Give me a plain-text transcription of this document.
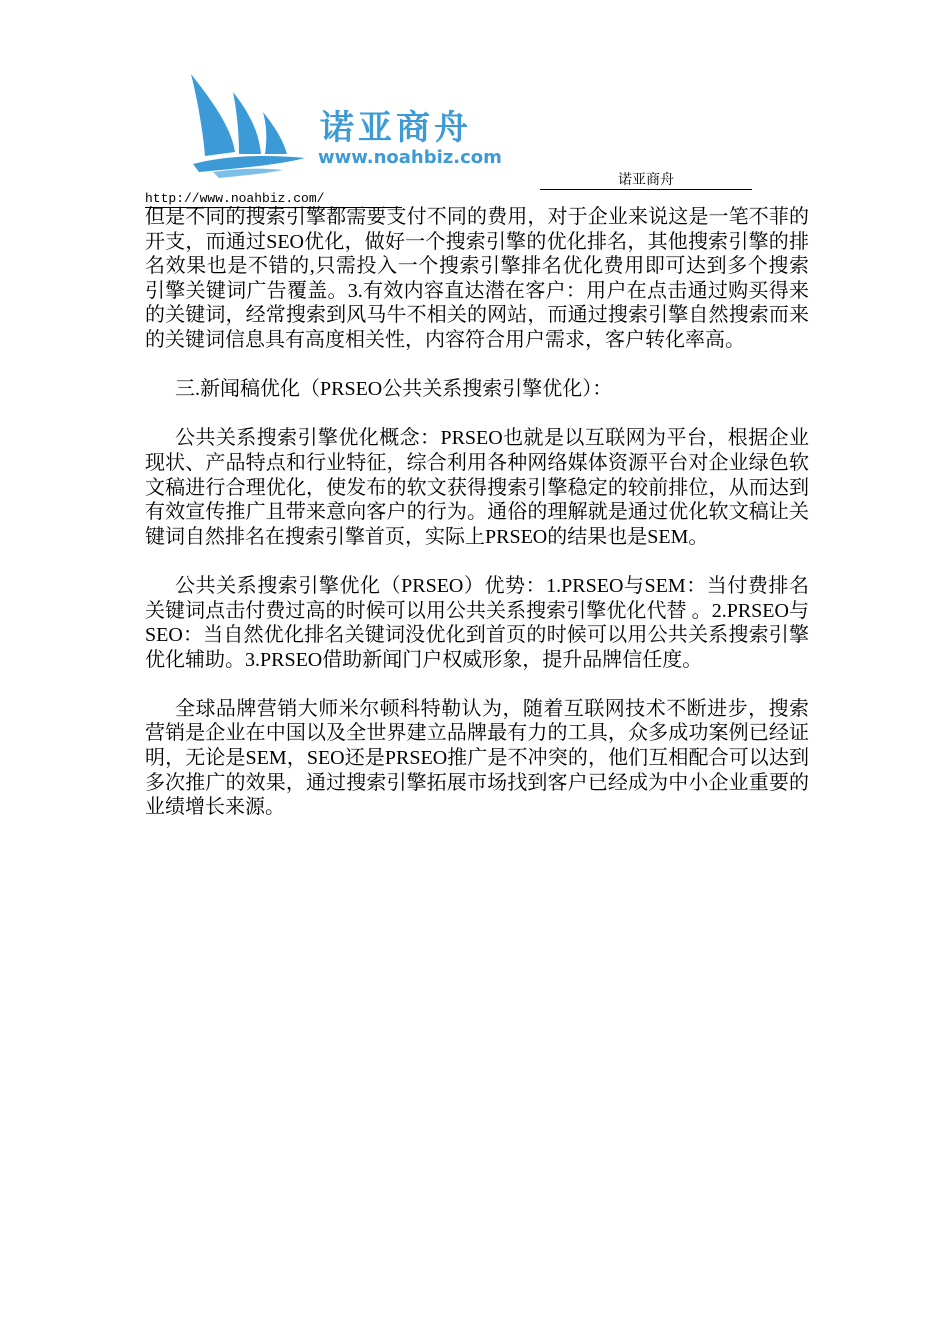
诺亚商舟
www.noahbiz.com
诺亚商舟
http://www.noahbiz.com/

但是不同的搜索引擎都需要支付不同的费用，对于企业来说这是一笔不菲的开支，而通过SEO优化，做好一个搜索引擎的优化排名，其他搜索引擎的排名效果也是不错的,只需投入一个搜索引擎排名优化费用即可达到多个搜索引擎关键词广告覆盖。3.有效内容直达潜在客户：用户在点击通过购买得来的关键词，经常搜索到风马牛不相关的网站，而通过搜索引擎自然搜索而来的关键词信息具有高度相关性，内容符合用户需求，客户转化率高。

三.新闻稿优化（PRSEO公共关系搜索引擎优化）：

公共关系搜索引擎优化概念：PRSEO也就是以互联网为平台，根据企业现状、产品特点和行业特征，综合利用各种网络媒体资源平台对企业绿色软文稿进行合理优化，使发布的软文获得搜索引擎稳定的较前排位，从而达到有效宣传推广且带来意向客户的行为。通俗的理解就是通过优化软文稿让关键词自然排名在搜索引擎首页，实际上PRSEO的结果也是SEM。

公共关系搜索引擎优化（PRSEO）优势：1.PRSEO与SEM：当付费排名关键词点击付费过高的时候可以用公共关系搜索引擎优化代替 。2.PRSEO与SEO：当自然优化排名关键词没优化到首页的时候可以用公共关系搜索引擎优化辅助。3.PRSEO借助新闻门户权威形象，提升品牌信任度。

全球品牌营销大师米尔顿科特勒认为，随着互联网技术不断进步，搜索营销是企业在中国以及全世界建立品牌最有力的工具，众多成功案例已经证明，无论是SEM，SEO还是PRSEO推广是不冲突的，他们互相配合可以达到多次推广的效果，通过搜索引擎拓展市场找到客户已经成为中小企业重要的业绩增长来源。
